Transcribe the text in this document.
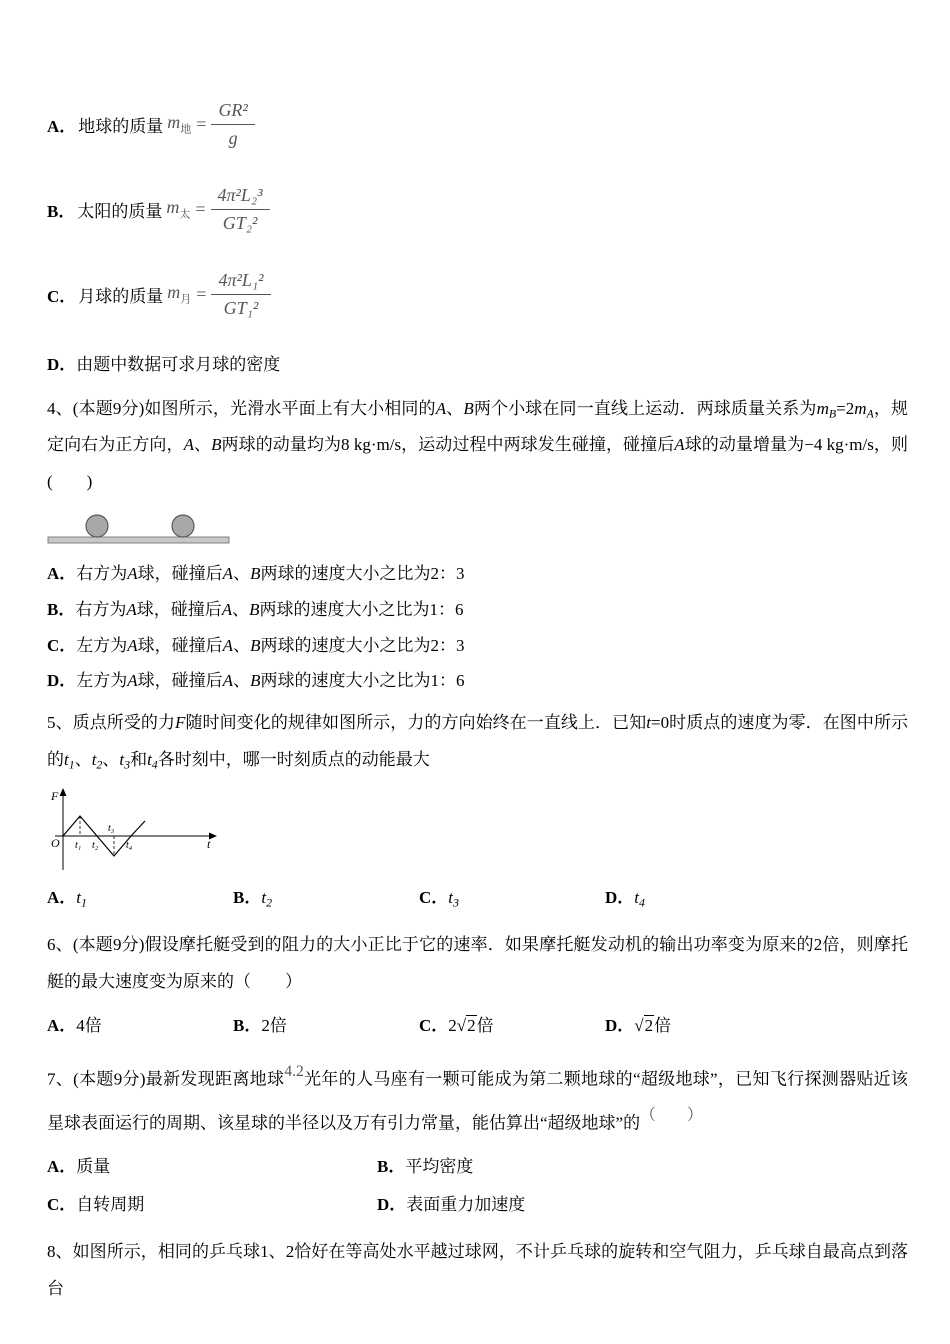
A． 地球的质量 $m_地 = \frac{\text{GR²}}{g}$
B． 太阳的质量 $m_太 = \frac{\text{4π²L₂³}}{\text{GT₂²}}$
C． 月球的质量 $m_月 = \frac{\text{4π²L₁²}}{\text{GT₁²}}$
D．由题中数据可求月球的密度

4、(本题9分)如图所示，光滑水平面上有大小相同的A、B两个小球在同一直线上运动．两球质量关系为mB=2mA，规定向右为正方向，A、B两球的动量均为8 kg·m/s，运动过程中两球发生碰撞，碰撞后A球的动量增量为−4 kg·m/s，则(　　)

A．右方为A球，碰撞后A、B两球的速度大小之比为2：3
B．右方为A球，碰撞后A、B两球的速度大小之比为1：6
C．左方为A球，碰撞后A、B两球的速度大小之比为2：3
D．左方为A球，碰撞后A、B两球的速度大小之比为1：6

5、质点所受的力F随时间变化的规律如图所示，力的方向始终在一直线上．已知t=0时质点的速度为零．在图中所示的t1、t2、t3和t4各时刻中，哪一时刻质点的动能最大

F
O t₁ t₂
t₃
t₄	t
A．t1	B．t2	C．t3	D．t4

6、(本题9分)假设摩托艇受到的阻力的大小正比于它的速率．如果摩托艇发动机的输出功率变为原来的2倍，则摩托艇的最大速度变为原来的（　　）

A．4倍	B．2倍	C．2√2倍	D．√2倍

7、(本题9分)最新发现距离地球4.2光年的人马座有一颗可能成为第二颗地球的“超级地球”，已知飞行探测器贴近该星球表面运行的周期、该星球的半径以及万有引力常量，能估算出“超级地球”的（　　）

A．质量	B．平均密度
C．自转周期	D．表面重力加速度

8、如图所示，相同的乒乓球1、2恰好在等高处水平越过球网，不计乒乓球的旋转和空气阻力，乒乓球自最高点到落台
